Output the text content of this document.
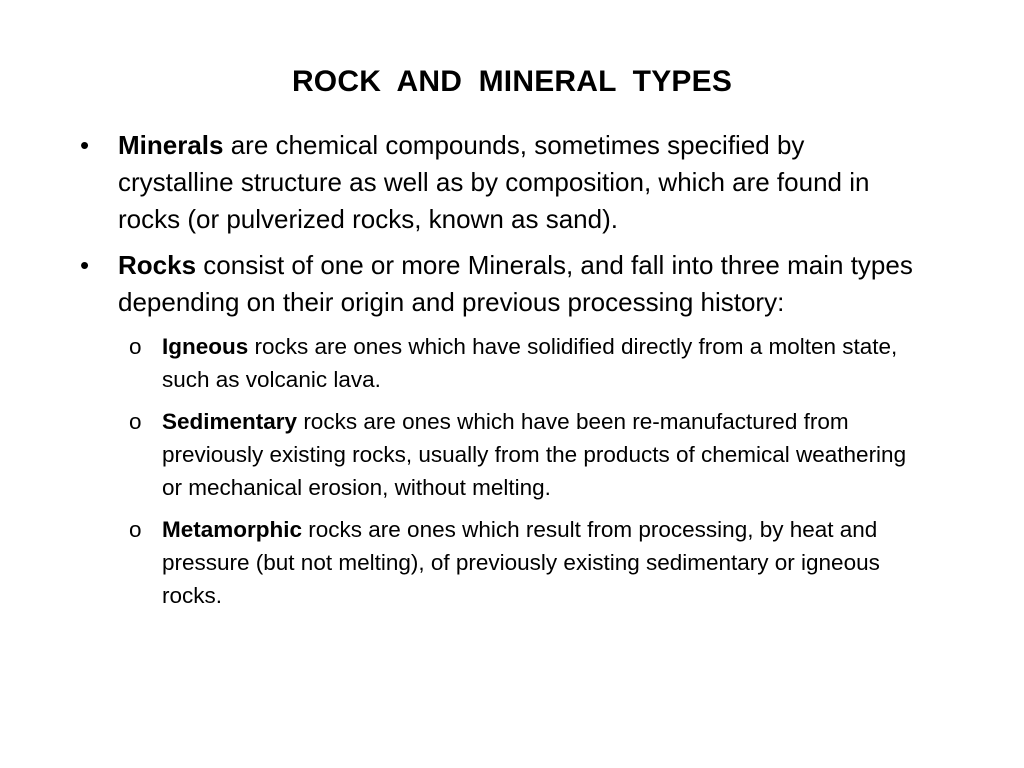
ROCK AND MINERAL TYPES
• Minerals are chemical compounds, sometimes specified by crystalline structure as well as by composition, which are found in rocks (or pulverized rocks, known as sand).
• Rocks consist of one or more Minerals, and fall into three main types depending on their origin and previous processing history:
o Igneous rocks are ones which have solidified directly from a molten state, such as volcanic lava.
o Sedimentary rocks are ones which have been re-manufactured from previously existing rocks, usually from the products of chemical weathering or mechanical erosion, without melting.
o Metamorphic rocks are ones which result from processing, by heat and pressure (but not melting), of previously existing sedimentary or igneous rocks.
